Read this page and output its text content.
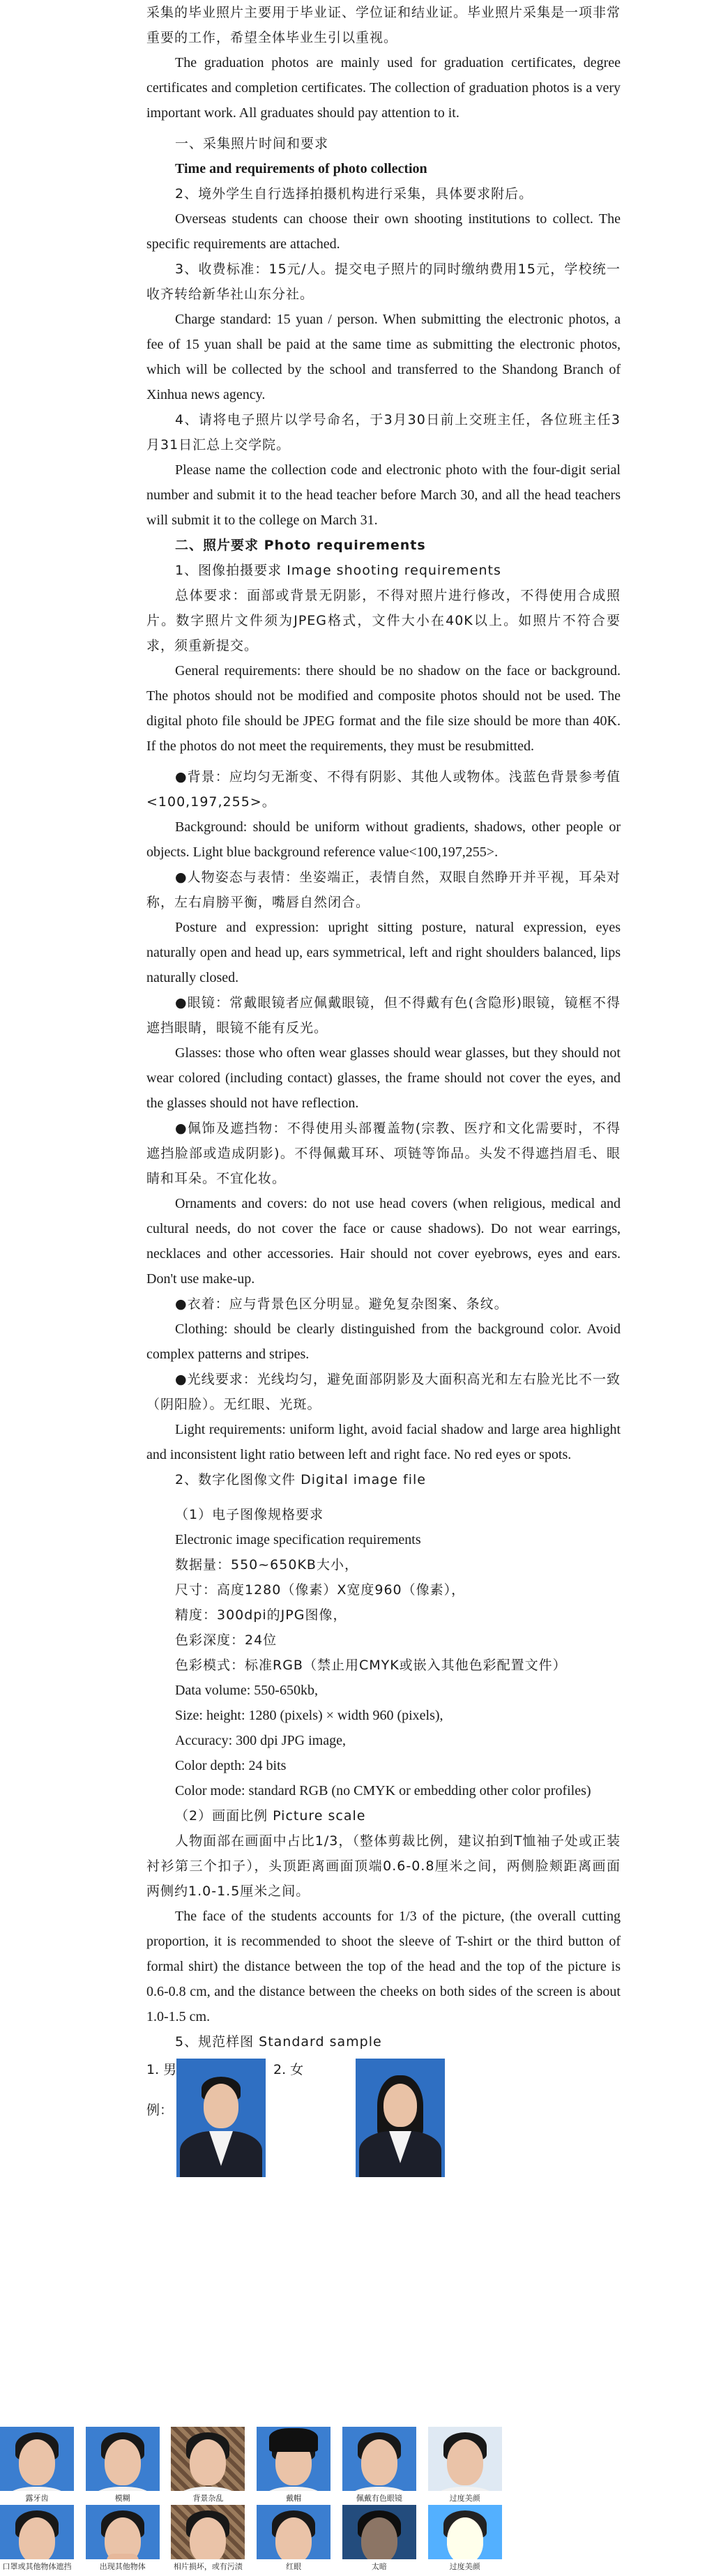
采集的毕业照片主要用于毕业证、学位证和结业证。毕业照片采集是一项非常重要的工作，希望全体毕业生引以重视。

The graduation photos are mainly used for graduation certificates, degree certificates and completion certificates. The collection of graduation photos is a very important work. All graduates should pay attention to it.

一、采集照片时间和要求

Time and requirements of photo collection

2、境外学生自行选择拍摄机构进行采集，具体要求附后。

Overseas students can choose their own shooting institutions to collect. The specific requirements are attached.

3、收费标准：15元/人。提交电子照片的同时缴纳费用15元，学校统一收齐转给新华社山东分社。

Charge standard: 15 yuan / person. When submitting the electronic photos, a fee of 15 yuan shall be paid at the same time as submitting the electronic photos, which will be collected by the school and transferred to the Shandong Branch of Xinhua news agency.

4、请将电子照片以学号命名，于3月30日前上交班主任，各位班主任3月31日汇总上交学院。

Please name the collection code and electronic photo with the four-digit serial number and submit it to the head teacher before March 30, and all the head teachers will submit it to the college on March 31.

二、照片要求 Photo requirements

1、图像拍摄要求 Image shooting requirements

总体要求：面部或背景无阴影，不得对照片进行修改，不得使用合成照片。数字照片文件须为JPEG格式，文件大小在40K以上。如照片不符合要求，须重新提交。

General requirements: there should be no shadow on the face or background. The photos should not be modified and composite photos should not be used. The digital photo file should be JPEG format and the file size should be more than 40K. If the photos do not meet the requirements, they must be resubmitted.

●背景：应均匀无渐变、不得有阴影、其他人或物体。浅蓝色背景参考值<100,197,255>。

Background: should be uniform without gradients, shadows, other people or objects. Light blue background reference value<100,197,255>.

●人物姿态与表情：坐姿端正，表情自然，双眼自然睁开并平视，耳朵对称，左右肩膀平衡，嘴唇自然闭合。

Posture and expression: upright sitting posture, natural expression, eyes naturally open and head up, ears symmetrical, left and right shoulders balanced, lips naturally closed.

●眼镜：常戴眼镜者应佩戴眼镜，但不得戴有色(含隐形)眼镜，镜框不得遮挡眼睛，眼镜不能有反光。

Glasses: those who often wear glasses should wear glasses, but they should not wear colored (including contact) glasses, the frame should not cover the eyes, and the glasses should not have reflection.

●佩饰及遮挡物：不得使用头部覆盖物(宗教、医疗和文化需要时，不得遮挡脸部或造成阴影)。不得佩戴耳环、项链等饰品。头发不得遮挡眉毛、眼睛和耳朵。不宜化妆。

Ornaments and covers: do not use head covers (when religious, medical and cultural needs, do not cover the face or cause shadows). Do not wear earrings, necklaces and other accessories. Hair should not cover eyebrows, eyes and ears. Don't use make-up.

●衣着：应与背景色区分明显。避免复杂图案、条纹。

Clothing: should be clearly distinguished from the background color. Avoid complex patterns and stripes.

●光线要求：光线均匀，避免面部阴影及大面积高光和左右脸光比不一致（阴阳脸）。无红眼、光斑。

Light requirements: uniform light, avoid facial shadow and large area highlight and inconsistent light ratio between left and right face. No red eyes or spots.

2、数字化图像文件 Digital image file

（1）电子图像规格要求

Electronic image specification requirements

数据量：550~650KB大小，

尺寸：高度1280（像素）X宽度960（像素），

精度：300dpi的JPG图像，

色彩深度：24位

色彩模式：标准RGB（禁止用CMYK或嵌入其他色彩配置文件）

Data volume: 550-650kb,

Size: height: 1280 (pixels) × width 960 (pixels),

Accuracy: 300 dpi JPG image,

Color depth: 24 bits

Color mode: standard RGB (no CMYK or embedding other color profiles)

（2）画面比例 Picture scale

人物面部在画面中占比1/3，（整体剪裁比例，建议拍到T恤袖子处或正装衬衫第三个扣子），头顶距离画面顶端0.6-0.8厘米之间，两侧脸颊距离画面两侧约1.0-1.5厘米之间。

The face of the students accounts for 1/3 of the picture, (the overall cutting proportion, it is recommended to shoot the sleeve of T-shirt or the third button of formal shirt) the distance between the top of the head and the top of the picture is 0.6-0.8 cm, and the distance between the cheeks on both sides of the screen is about 1.0-1.5 cm.

5、规范样图 Standard sample

1. 男
例：
2. 女
露牙齿	模糊	背景杂乱	戴帽	佩戴有色眼镜	过度美颜
口罩或其他物体遮挡	出现其他物体	相片损坏，或有污渍	红眼	太暗	过度美颜
